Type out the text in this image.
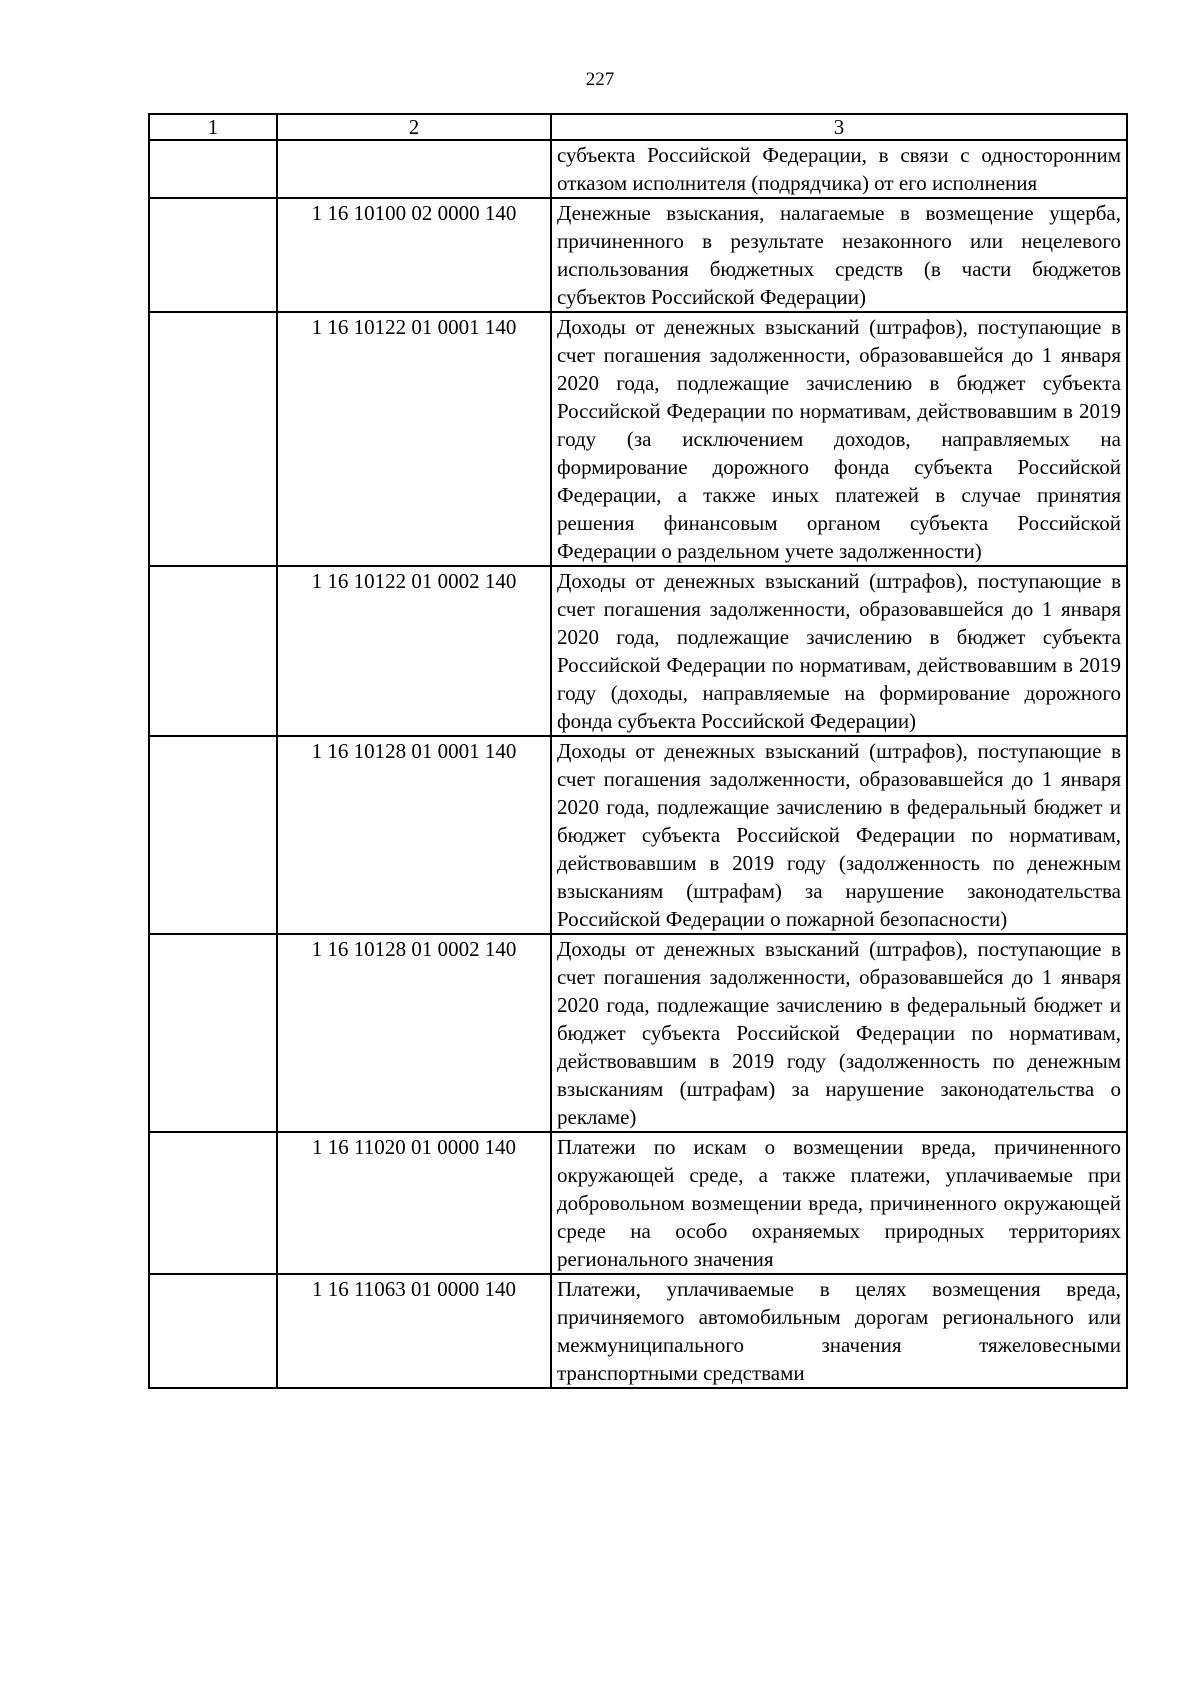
227
1	2	3
		субъекта Российской Федерации, в связи с односторонним отказом исполнителя (подрядчика) от его исполнения
	1 16 10100 02 0000 140	Денежные взыскания, налагаемые в возмещение ущерба, причиненного в результате незаконного или нецелевого использования бюджетных средств (в части бюджетов субъектов Российской Федерации)
	1 16 10122 01 0001 140	Доходы от денежных взысканий (штрафов), поступающие в счет погашения задолженности, образовавшейся до 1 января 2020 года, подлежащие зачислению в бюджет субъекта Российской Федерации по нормативам, действовавшим в 2019 году (за исключением доходов, направляемых на формирование дорожного фонда субъекта Российской Федерации, а также иных платежей в случае принятия решения финансовым органом субъекта Российской Федерации о раздельном учете задолженности)
	1 16 10122 01 0002 140	Доходы от денежных взысканий (штрафов), поступающие в счет погашения задолженности, образовавшейся до 1 января 2020 года, подлежащие зачислению в бюджет субъекта Российской Федерации по нормативам, действовавшим в 2019 году (доходы, направляемые на формирование дорожного фонда субъекта Российской Федерации)
	1 16 10128 01 0001 140	Доходы от денежных взысканий (штрафов), поступающие в счет погашения задолженности, образовавшейся до 1 января 2020 года, подлежащие зачислению в федеральный бюджет и бюджет субъекта Российской Федерации по нормативам, действовавшим в 2019 году (задолженность по денежным взысканиям (штрафам) за нарушение законодательства Российской Федерации о пожарной безопасности)
	1 16 10128 01 0002 140	Доходы от денежных взысканий (штрафов), поступающие в счет погашения задолженности, образовавшейся до 1 января 2020 года, подлежащие зачислению в федеральный бюджет и бюджет субъекта Российской Федерации по нормативам, действовавшим в 2019 году (задолженность по денежным взысканиям (штрафам) за нарушение законодательства о рекламе)
	1 16 11020 01 0000 140	Платежи по искам о возмещении вреда, причиненного окружающей среде, а также платежи, уплачиваемые при добровольном возмещении вреда, причиненного окружающей среде на особо охраняемых природных территориях регионального значения
	1 16 11063 01 0000 140	Платежи, уплачиваемые в целях возмещения вреда, причиняемого автомобильным дорогам регионального или межмуниципального значения тяжеловесными транспортными средствами
